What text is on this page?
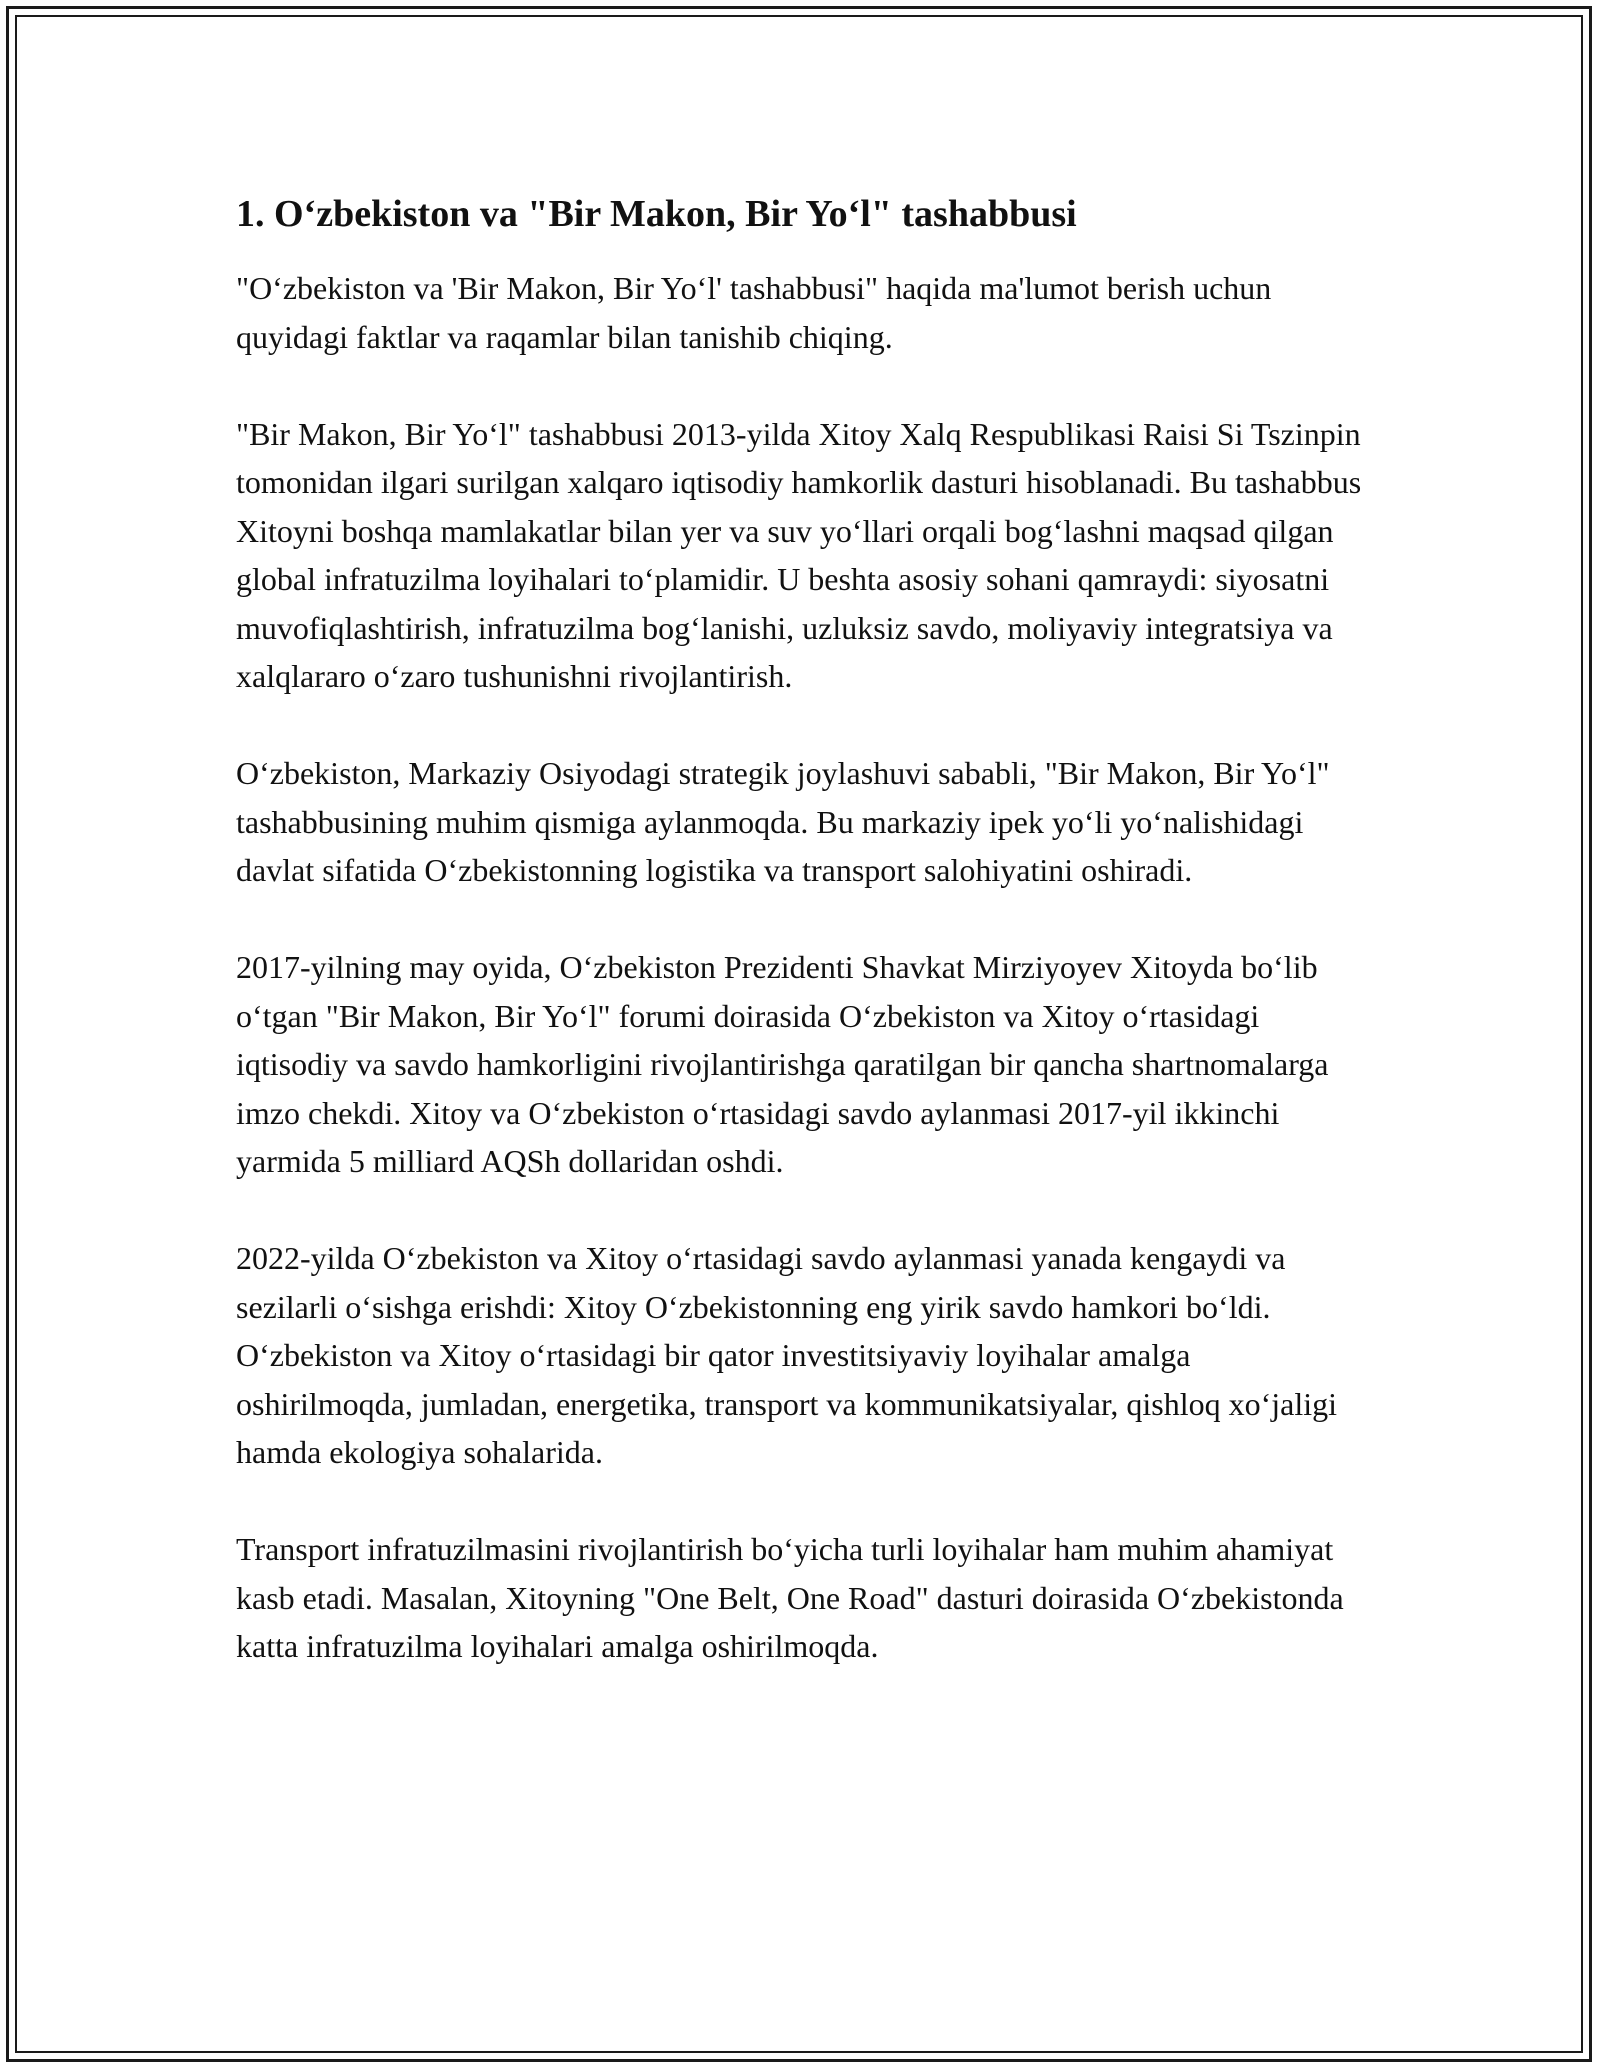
1. O‘zbekiston va "Bir Makon, Bir Yo‘l" tashabbusi

"O‘zbekiston va 'Bir Makon, Bir Yo‘l' tashabbusi" haqida ma'lumot berish uchun quyidagi faktlar va raqamlar bilan tanishib chiqing.

"Bir Makon, Bir Yo‘l" tashabbusi 2013-yilda Xitoy Xalq Respublikasi Raisi Si Tszinpin tomonidan ilgari surilgan xalqaro iqtisodiy hamkorlik dasturi hisoblanadi. Bu tashabbus Xitoyni boshqa mamlakatlar bilan yer va suv yo‘llari orqali bog‘lashni maqsad qilgan global infratuzilma loyihalari to‘plamidir. U beshta asosiy sohani qamraydi: siyosatni muvofiqlashtirish, infratuzilma bog‘lanishi, uzluksiz savdo, moliyaviy integratsiya va xalqlararo o‘zaro tushunishni rivojlantirish.

O‘zbekiston, Markaziy Osiyodagi strategik joylashuvi sababli, "Bir Makon, Bir Yo‘l" tashabbusining muhim qismiga aylanmoqda. Bu markaziy ipek yo‘li yo‘nalishidagi davlat sifatida O‘zbekistonning logistika va transport salohiyatini oshiradi.

2017-yilning may oyida, O‘zbekiston Prezidenti Shavkat Mirziyoyev Xitoyda bo‘lib o‘tgan "Bir Makon, Bir Yo‘l" forumi doirasida O‘zbekiston va Xitoy o‘rtasidagi iqtisodiy va savdo hamkorligini rivojlantirishga qaratilgan bir qancha shartnomalarga imzo chekdi. Xitoy va O‘zbekiston o‘rtasidagi savdo aylanmasi 2017-yil ikkinchi yarmida 5 milliard AQSh dollaridan oshdi.

2022-yilda O‘zbekiston va Xitoy o‘rtasidagi savdo aylanmasi yanada kengaydi va sezilarli o‘sishga erishdi: Xitoy O‘zbekistonning eng yirik savdo hamkori bo‘ldi. O‘zbekiston va Xitoy o‘rtasidagi bir qator investitsiyaviy loyihalar amalga oshirilmoqda, jumladan, energetika, transport va kommunikatsiyalar, qishloq xo‘jaligi hamda ekologiya sohalarida.

Transport infratuzilmasini rivojlantirish bo‘yicha turli loyihalar ham muhim ahamiyat kasb etadi. Masalan, Xitoyning "One Belt, One Road" dasturi doirasida O‘zbekistonda katta infratuzilma loyihalari amalga oshirilmoqda.
